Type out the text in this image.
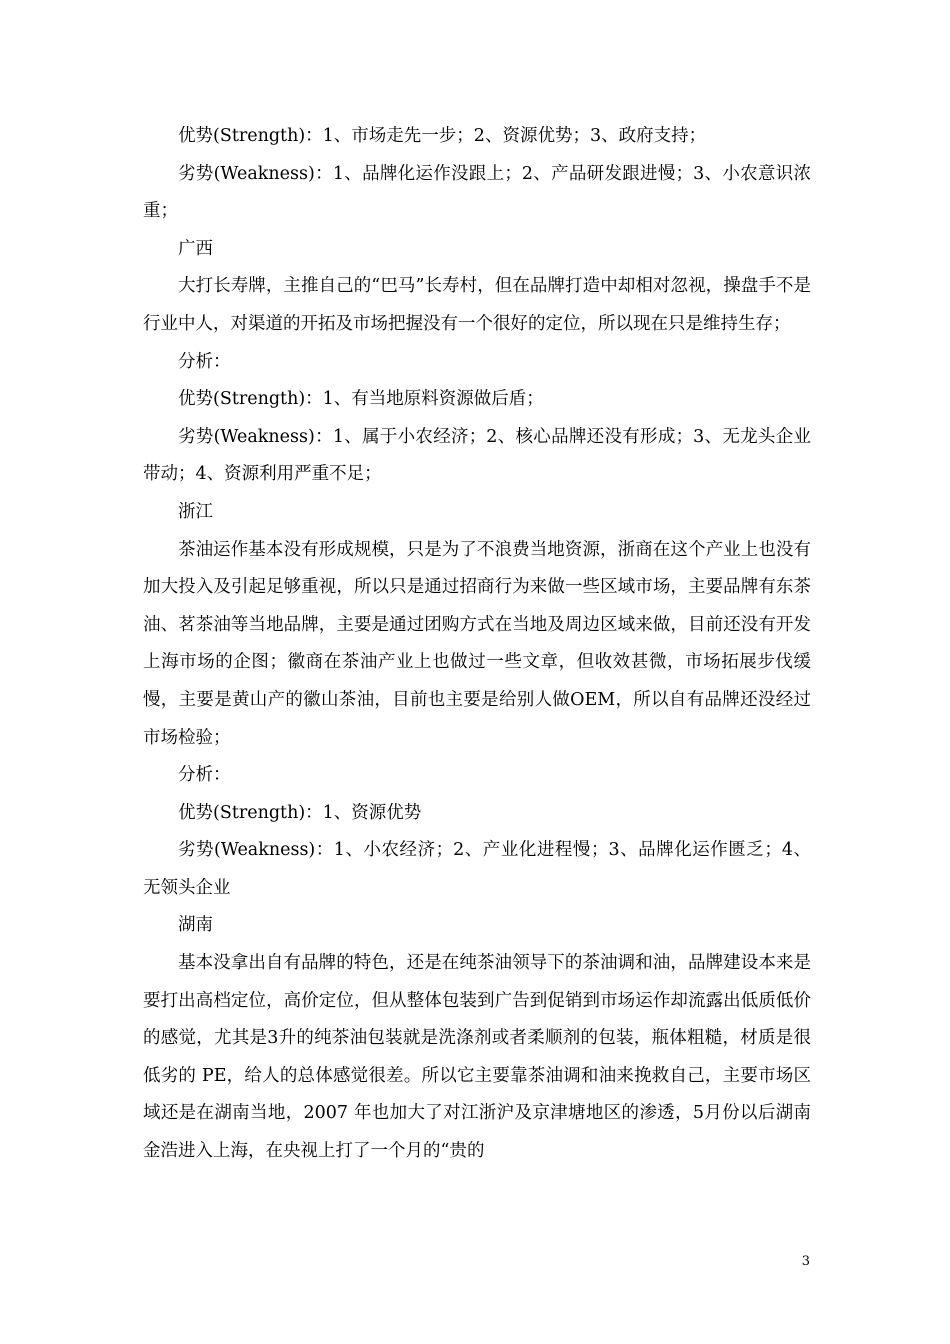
优势(Strength)：1、市场走先一步；2、资源优势；3、政府支持；

劣势(Weakness)：1、品牌化运作没跟上；2、产品研发跟进慢；3、小农意识浓重；

广西

大打长寿牌，主推自己的“巴马”长寿村，但在品牌打造中却相对忽视，操盘手不是行业中人，对渠道的开拓及市场把握没有一个很好的定位，所以现在只是维持生存；

分析：

优势(Strength)：1、有当地原料资源做后盾；

劣势(Weakness)：1、属于小农经济；2、核心品牌还没有形成；3、无龙头企业带动；4、资源利用严重不足；

浙江

茶油运作基本没有形成规模，只是为了不浪费当地资源，浙商在这个产业上也没有加大投入及引起足够重视，所以只是通过招商行为来做一些区域市场，主要品牌有东茶油、茗茶油等当地品牌，主要是通过团购方式在当地及周边区域来做，目前还没有开发上海市场的企图；徽商在茶油产业上也做过一些文章，但收效甚微，市场拓展步伐缓慢，主要是黄山产的徽山茶油，目前也主要是给别人做OEM，所以自有品牌还没经过市场检验；

分析：

优势(Strength)：1、资源优势

劣势(Weakness)：1、小农经济；2、产业化进程慢；3、品牌化运作匮乏；4、无领头企业

湖南

基本没拿出自有品牌的特色，还是在纯茶油领导下的茶油调和油，品牌建设本来是要打出高档定位，高价定位，但从整体包装到广告到促销到市场运作却流露出低质低价的感觉，尤其是3升的纯茶油包装就是洗涤剂或者柔顺剂的包装，瓶体粗糙，材质是很低劣的 PE，给人的总体感觉很差。所以它主要靠茶油调和油来挽救自己，主要市场区域还是在湖南当地，2007 年也加大了对江浙沪及京津塘地区的渗透，5月份以后湖南金浩进入上海，在央视上打了一个月的“贵的

3
